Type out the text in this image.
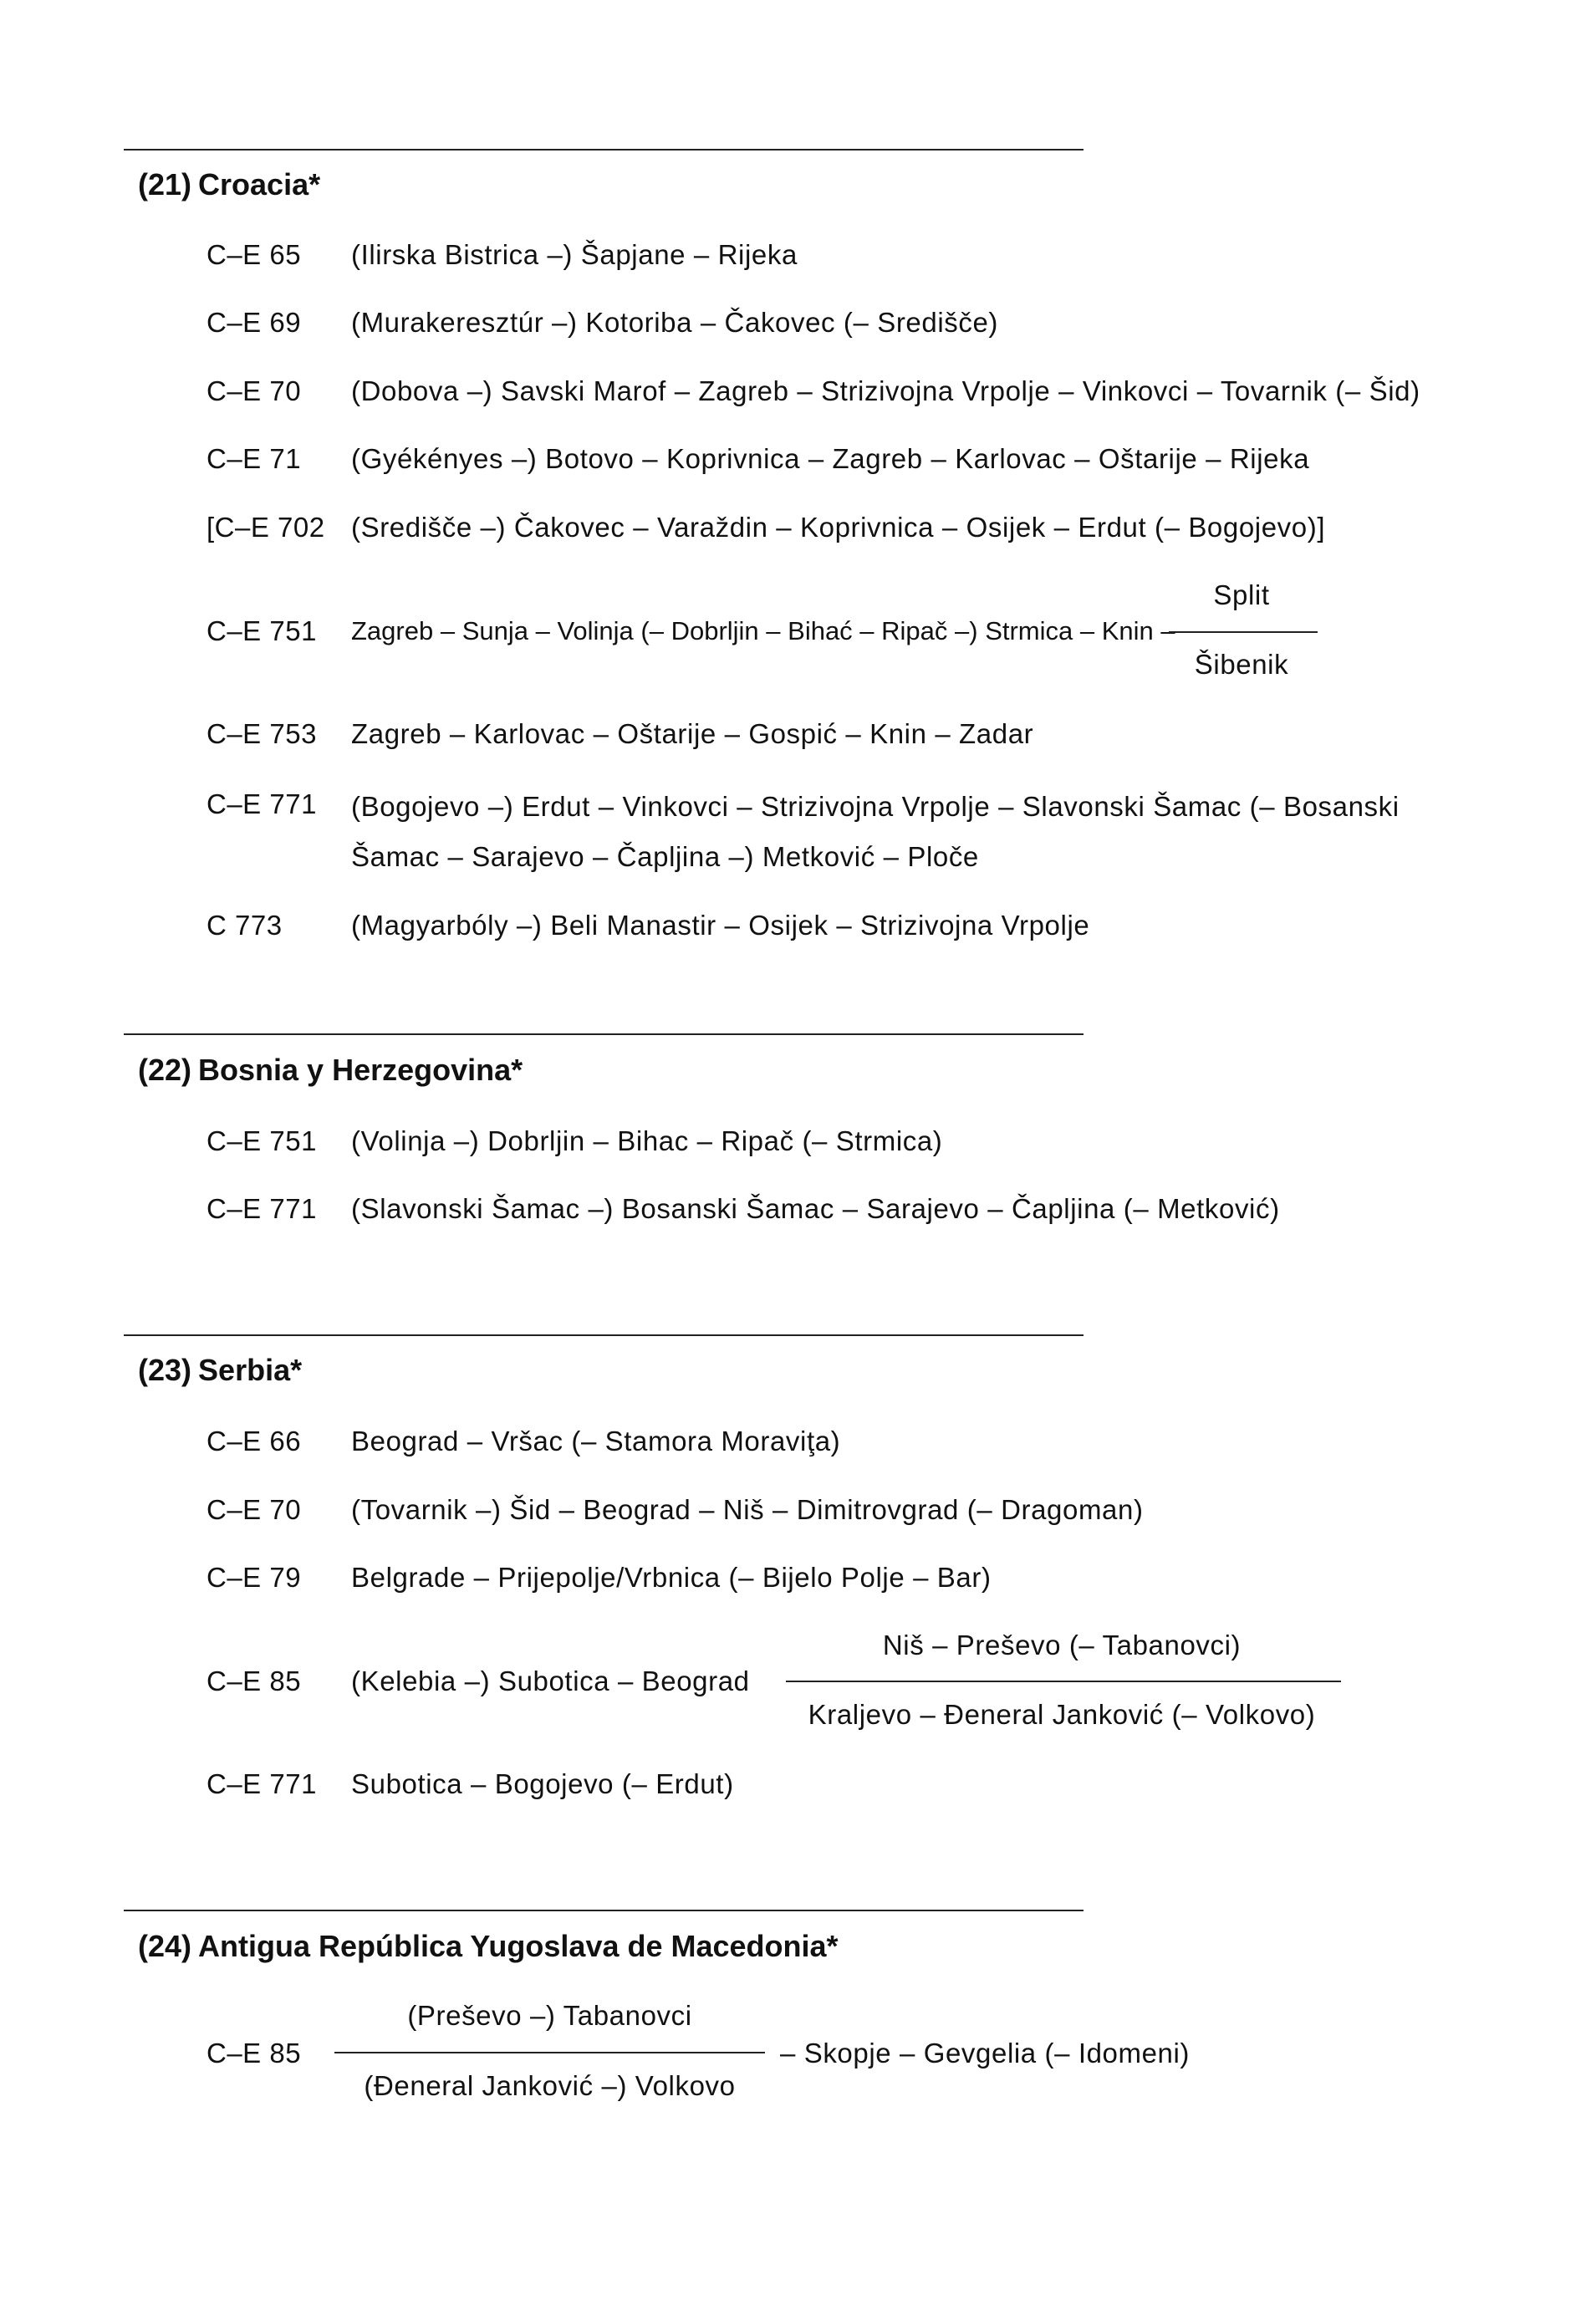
(21) Croacia*
C–E 65 (Ilirska Bistrica –) Šapjane – Rijeka
C–E 69 (Murakeresztúr –) Kotoriba – Čakovec (– Središče)
C–E 70 (Dobova –) Savski Marof – Zagreb – Strizivojna Vrpolje – Vinkovci – Tovarnik (– Šid)
C–E 71 (Gyékényes –) Botovo – Koprivnica – Zagreb – Karlovac – Oštarije – Rijeka
[C–E 702 (Središče –) Čakovec – Varaždin – Koprivnica – Osijek – Erdut (– Bogojevo)]
C–E 751 Zagreb – Sunja – Volinja (– Dobrljin – Bihać – Ripač –) Strmica – Knin –
Split
Šibenik
C–E 753 Zagreb – Karlovac – Oštarije – Gospić – Knin – Zadar
C–E 771 (Bogojevo –) Erdut – Vinkovci – Strizivojna Vrpolje – Slavonski Šamac (– Bosanski
Šamac – Sarajevo – Čapljina –) Metković – Ploče
C 773 (Magyarbóly –) Beli Manastir – Osijek – Strizivojna Vrpolje
(22) Bosnia y Herzegovina*
C–E 751 (Volinja –) Dobrljin – Bihac – Ripač (– Strmica)
C–E 771 (Slavonski Šamac –) Bosanski Šamac – Sarajevo – Čapljina (– Metković)
(23) Serbia*
C–E 66 Beograd – Vršac (– Stamora Moraviţa)
C–E 70 (Tovarnik –) Šid – Beograd – Niš – Dimitrovgrad (– Dragoman)
C–E 79 Belgrade – Prijepolje/Vrbnica (– Bijelo Polje – Bar)
C–E 85 (Kelebia –) Subotica – Beograd
Niš – Preševo (– Tabanovci)
Kraljevo – Đeneral Janković (– Volkovo)
C–E 771 Subotica – Bogojevo (– Erdut)
(24) Antigua República Yugoslava de Macedonia*
C–E 85
(Preševo –) Tabanovci
(Đeneral Janković –) Volkovo
– Skopje – Gevgelia (– Idomeni)
